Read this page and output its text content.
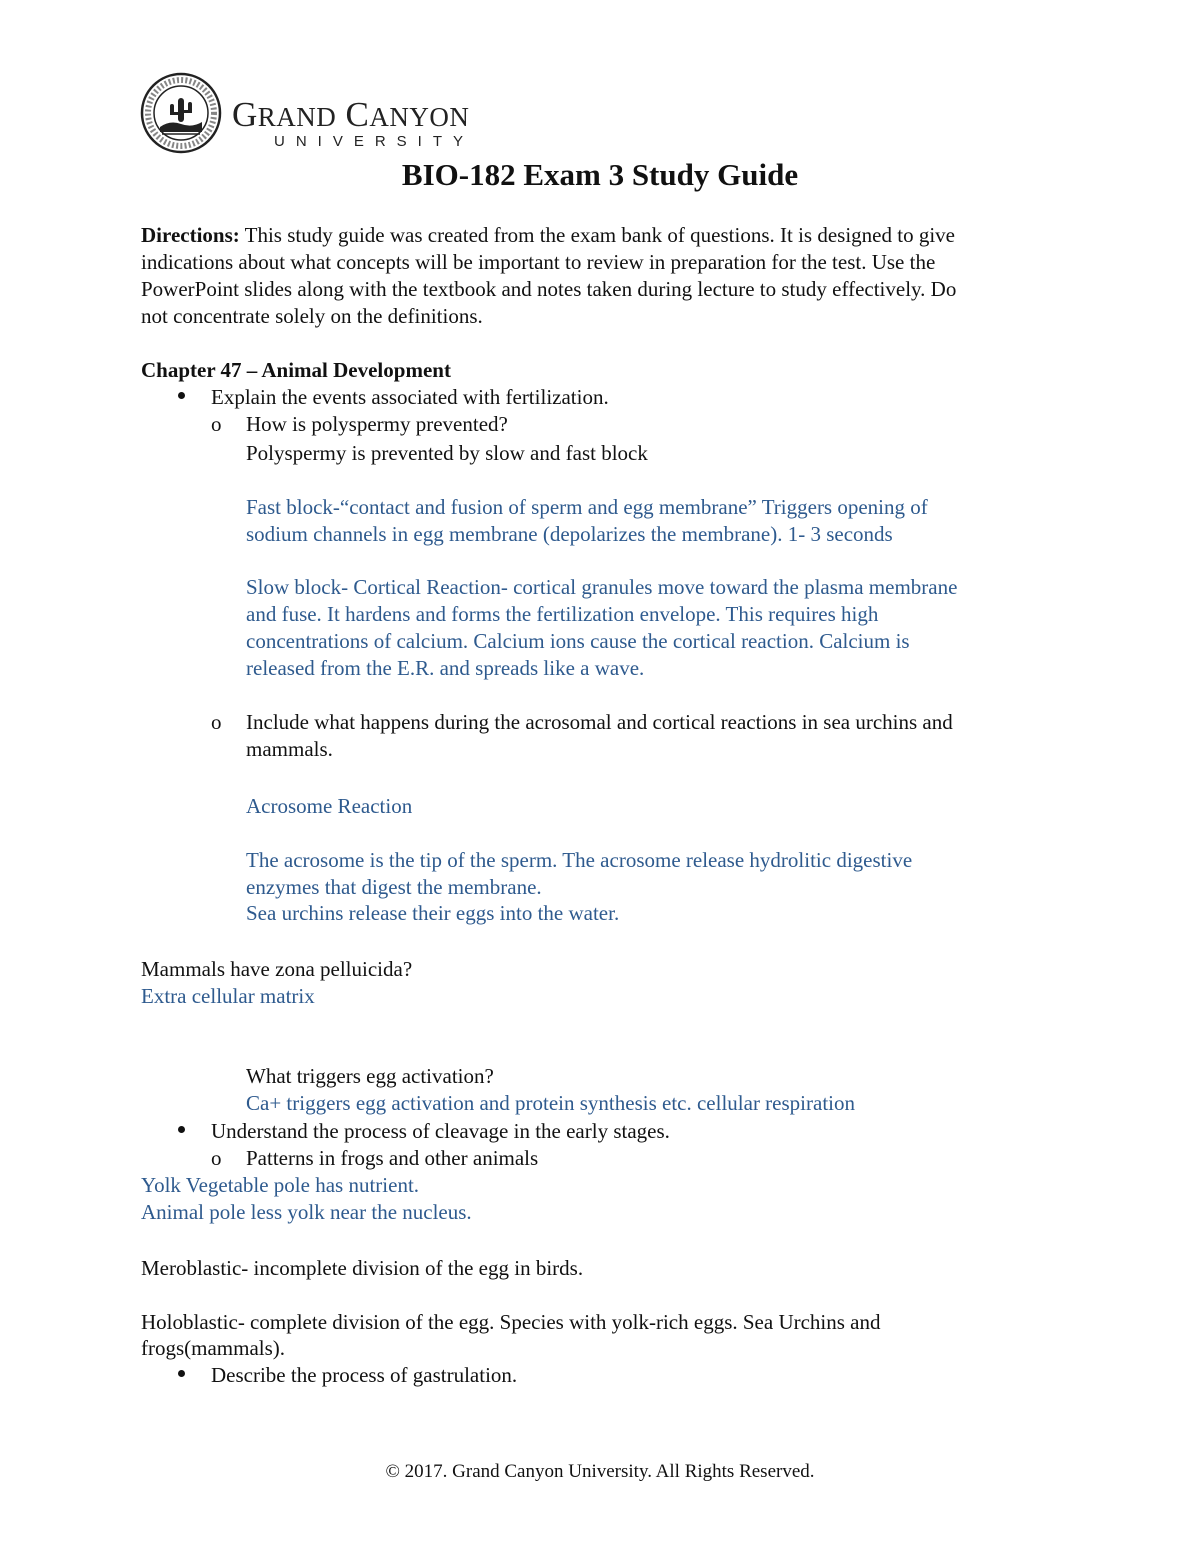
GRAND CANYON
UNIVERSITY
BIO-182 Exam 3 Study Guide
Directions: This study guide was created from the exam bank of questions. It is designed to give
indications about what concepts will be important to review in preparation for the test. Use the
PowerPoint slides along with the textbook and notes taken during lecture to study effectively. Do
not concentrate solely on the definitions.
Chapter 47 – Animal Development
Explain the events associated with fertilization.
o How is polyspermy prevented?
Polyspermy is prevented by slow and fast block
Fast block-“contact and fusion of sperm and egg membrane” Triggers opening of
sodium channels in egg membrane (depolarizes the membrane). 1- 3 seconds
Slow block- Cortical Reaction- cortical granules move toward the plasma membrane
and fuse. It hardens and forms the fertilization envelope. This requires high
concentrations of calcium. Calcium ions cause the cortical reaction. Calcium is
released from the E.R. and spreads like a wave.
o Include what happens during the acrosomal and cortical reactions in sea urchins and
mammals.
Acrosome Reaction
The acrosome is the tip of the sperm. The acrosome release hydrolitic digestive
enzymes that digest the membrane.
Sea urchins release their eggs into the water.
Mammals have zona pelluicida?
Extra cellular matrix
What triggers egg activation?
Ca+ triggers egg activation and protein synthesis etc. cellular respiration
Understand the process of cleavage in the early stages.
o Patterns in frogs and other animals
Yolk Vegetable pole has nutrient.
Animal pole less yolk near the nucleus.
Meroblastic- incomplete division of the egg in birds.
Holoblastic- complete division of the egg. Species with yolk-rich eggs. Sea Urchins and
frogs(mammals).
Describe the process of gastrulation.
© 2017. Grand Canyon University. All Rights Reserved.
